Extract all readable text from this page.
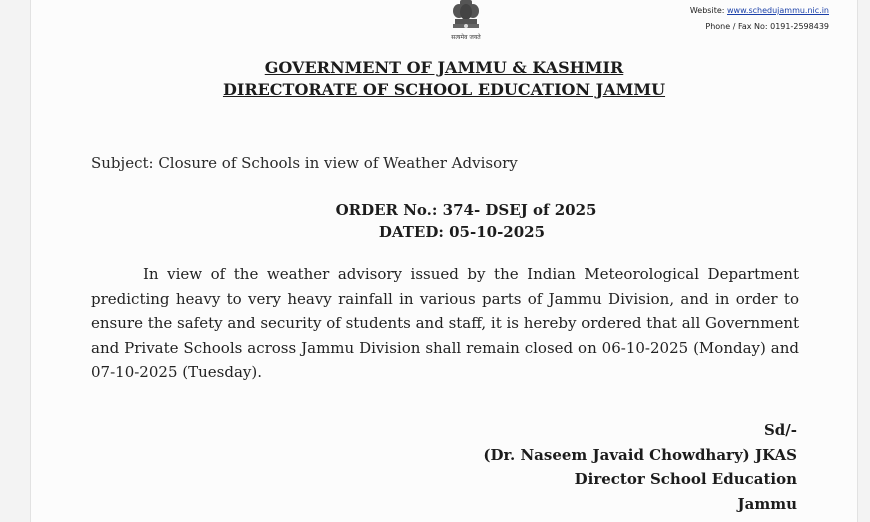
सत्यमेव जयते
Website: www.schedujammu.nic.in
Phone / Fax No: 0191-2598439
GOVERNMENT OF JAMMU & KASHMIR
DIRECTORATE OF SCHOOL EDUCATION JAMMU
Subject: Closure of Schools in view of Weather Advisory
ORDER No.: 374- DSEJ of 2025
DATED: 05-10-2025
In view of the weather advisory issued by the Indian Meteorological Department predicting heavy to very heavy rainfall in various parts of Jammu Division, and in order to ensure the safety and security of students and staff, it is hereby ordered that all Government and Private Schools across Jammu Division shall remain closed on 06-10-2025 (Monday) and 07-10-2025 (Tuesday).
Sd/-
(Dr. Naseem Javaid Chowdhary) JKAS
Director School Education
Jammu
